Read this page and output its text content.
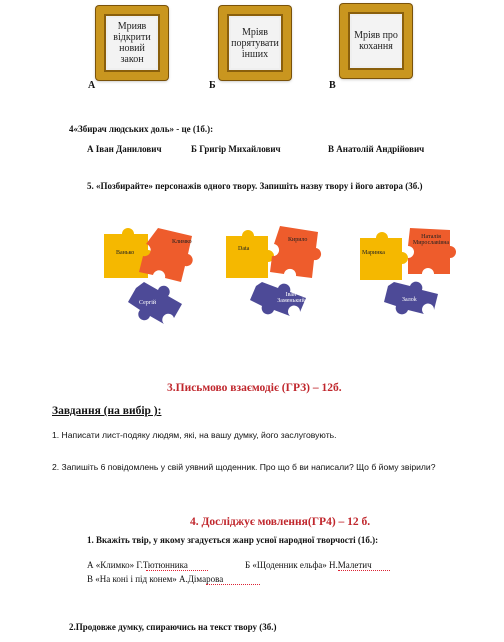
Мрияв відкрити новий закон
Мріяв порятувати інших
Мріяв про кохання
А	Б	В
4«Збирач людських доль» - це (1б.):
А Іван Данилович	Б Григір Михайлович	В Анатолій Андрійович
5. «Позбирайте» персонажів одного твору. Запишіть назву твору і його автора (3б.)
Ванько
Климко
Сергій
Data
Кирило
Іван Заменький
Маринка
Наталія Мирославівна
Залоk
3.Письмово взаємодіє (ГРЗ) – 12б.
Завдання (на вибір ):
1. Написати лист-подяку людям, які, на вашу думку, його заслуговують.
2. Запишіть 6 повідомлень у свій уявний щоденник. Про що б ви написали? Що б йому звірили?
4. Досліджує мовлення(ГР4) – 12 б.
1. Вкажіть твір, у якому згадується жанр усної народної творчості (1б.):
А «Климко» Г.Тютюнника	Б «Щоденник ельфа» Н.Малетич
В «На коні і під конем» А.Дімарова
2.Продовже думку, спираючись на текст твору (3б.)
